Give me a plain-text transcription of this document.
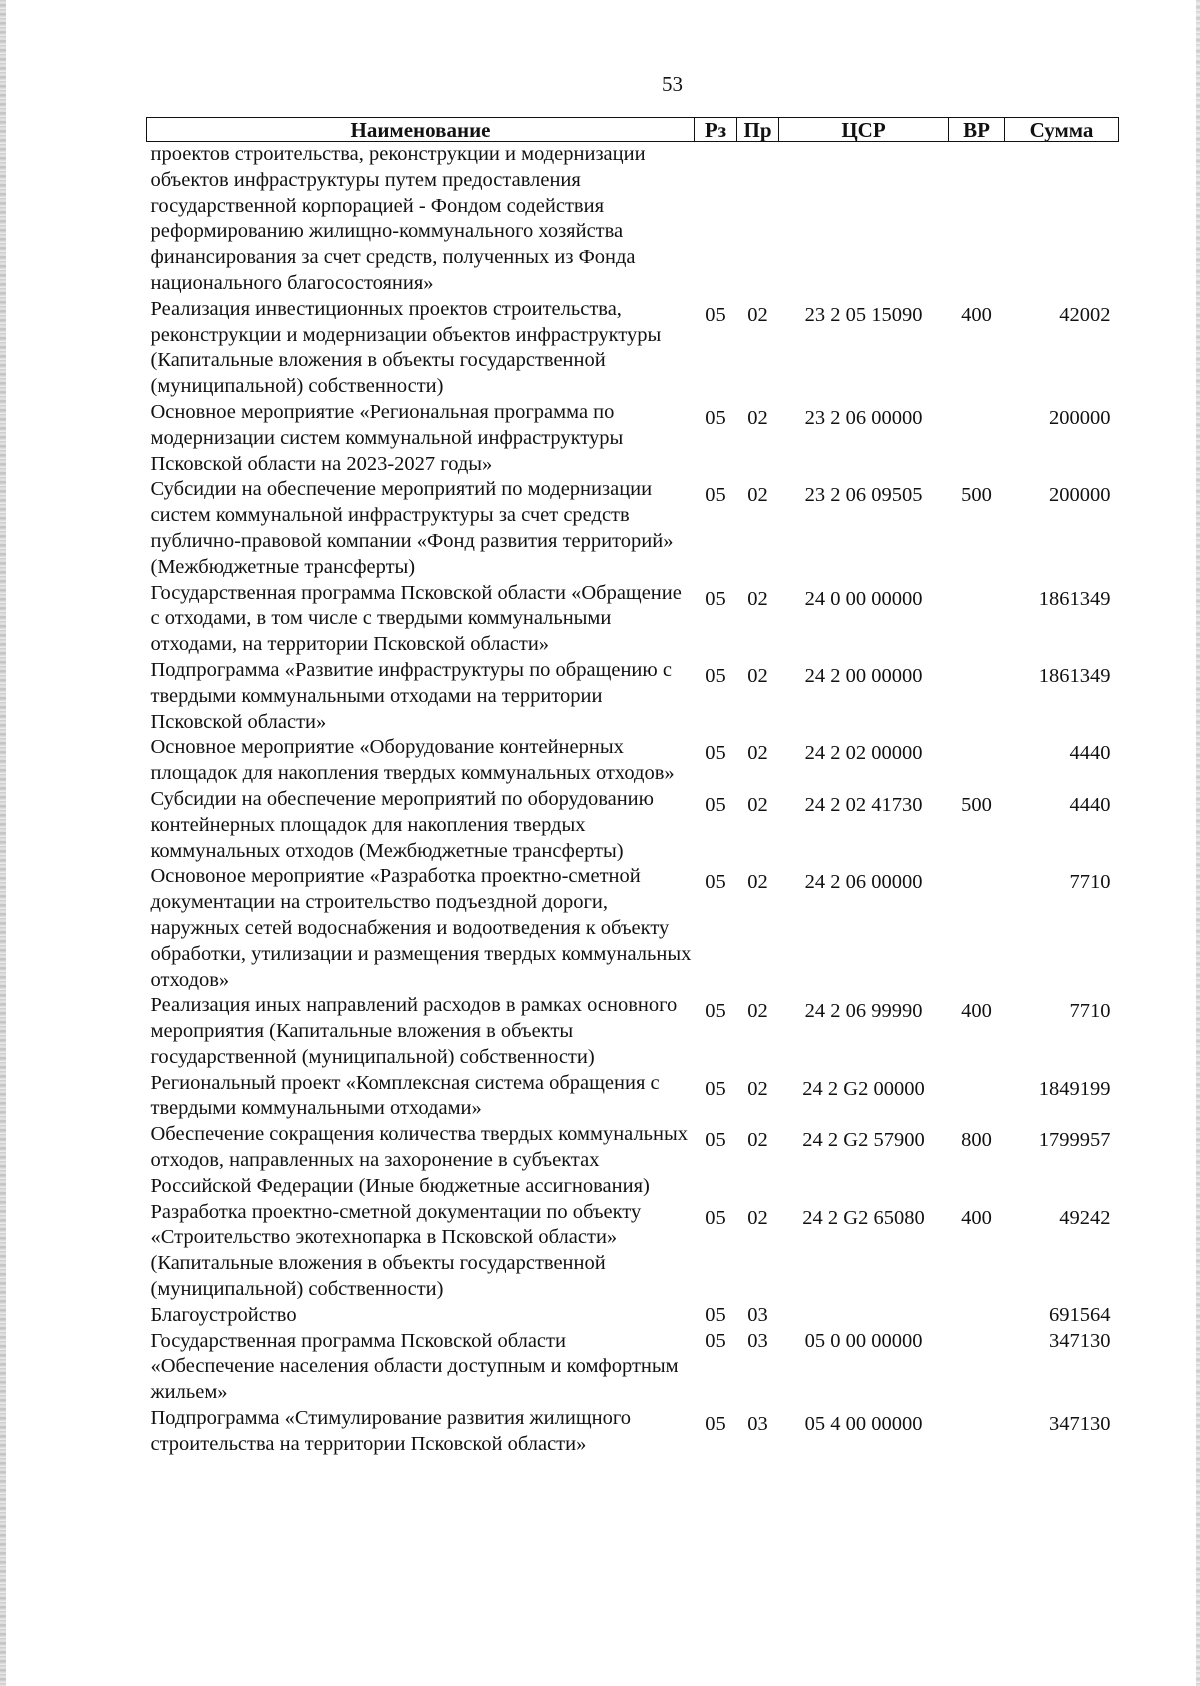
53
Наименование	Рз	Пр	ЦСР	ВР	Сумма
проектов строительства, реконструкции и модернизации объектов инфраструктуры путем предоставления государственной корпорацией - Фондом содействия реформированию жилищно-коммунального хозяйства финансирования за счет средств, полученных из Фонда национального благосостояния»					
Реализация инвестиционных проектов строительства, реконструкции и модернизации объектов инфраструктуры (Капитальные вложения в объекты государственной (муниципальной) собственности)	05	02	23 2 05 15090	400	42002
Основное мероприятие «Региональная программа по модернизации систем коммунальной инфраструктуры Псковской области на 2023-2027 годы»	05	02	23 2 06 00000		200000
Субсидии на обеспечение мероприятий по модернизации систем коммунальной инфраструктуры за счет средств публично-правовой компании «Фонд развития территорий» (Межбюджетные трансферты)	05	02	23 2 06 09505	500	200000
Государственная программа Псковской области «Обращение с отходами, в том числе с твердыми коммунальными отходами, на территории Псковской области»	05	02	24 0 00 00000		1861349
Подпрограмма «Развитие инфраструктуры по обращению с твердыми коммунальными отходами на территории Псковской области»	05	02	24 2 00 00000		1861349
Основное мероприятие «Оборудование контейнерных площадок для накопления твердых коммунальных отходов»	05	02	24 2 02 00000		4440
Субсидии на обеспечение мероприятий по оборудованию контейнерных площадок для накопления твердых коммунальных отходов (Межбюджетные трансферты)	05	02	24 2 02 41730	500	4440
Основоное мероприятие «Разработка проектно-сметной документации на строительство подъездной дороги, наружных сетей водоснабжения и водоотведения к объекту обработки, утилизации и размещения твердых коммунальных отходов»	05	02	24 2 06 00000		7710
Реализация иных направлений расходов в рамках основного мероприятия (Капитальные вложения в объекты государственной (муниципальной) собственности)	05	02	24 2 06 99990	400	7710
Региональный проект «Комплексная система обращения с твердыми коммунальными отходами»	05	02	24 2 G2 00000		1849199
Обеспечение сокращения количества твердых коммунальных отходов, направленных на захоронение в субъектах Российской Федерации (Иные бюджетные ассигнования)	05	02	24 2 G2 57900	800	1799957
Разработка проектно-сметной документации по объекту «Строительство экотехнопарка в Псковской области» (Капитальные вложения в объекты государственной (муниципальной) собственности)	05	02	24 2 G2 65080	400	49242
Благоустройство	05	03			691564
Государственная программа Псковской области «Обеспечение населения области доступным и комфортным жильем»	05	03	05 0 00 00000		347130
Подпрограмма «Стимулирование развития жилищного строительства на территории Псковской области»	05	03	05 4 00 00000		347130
